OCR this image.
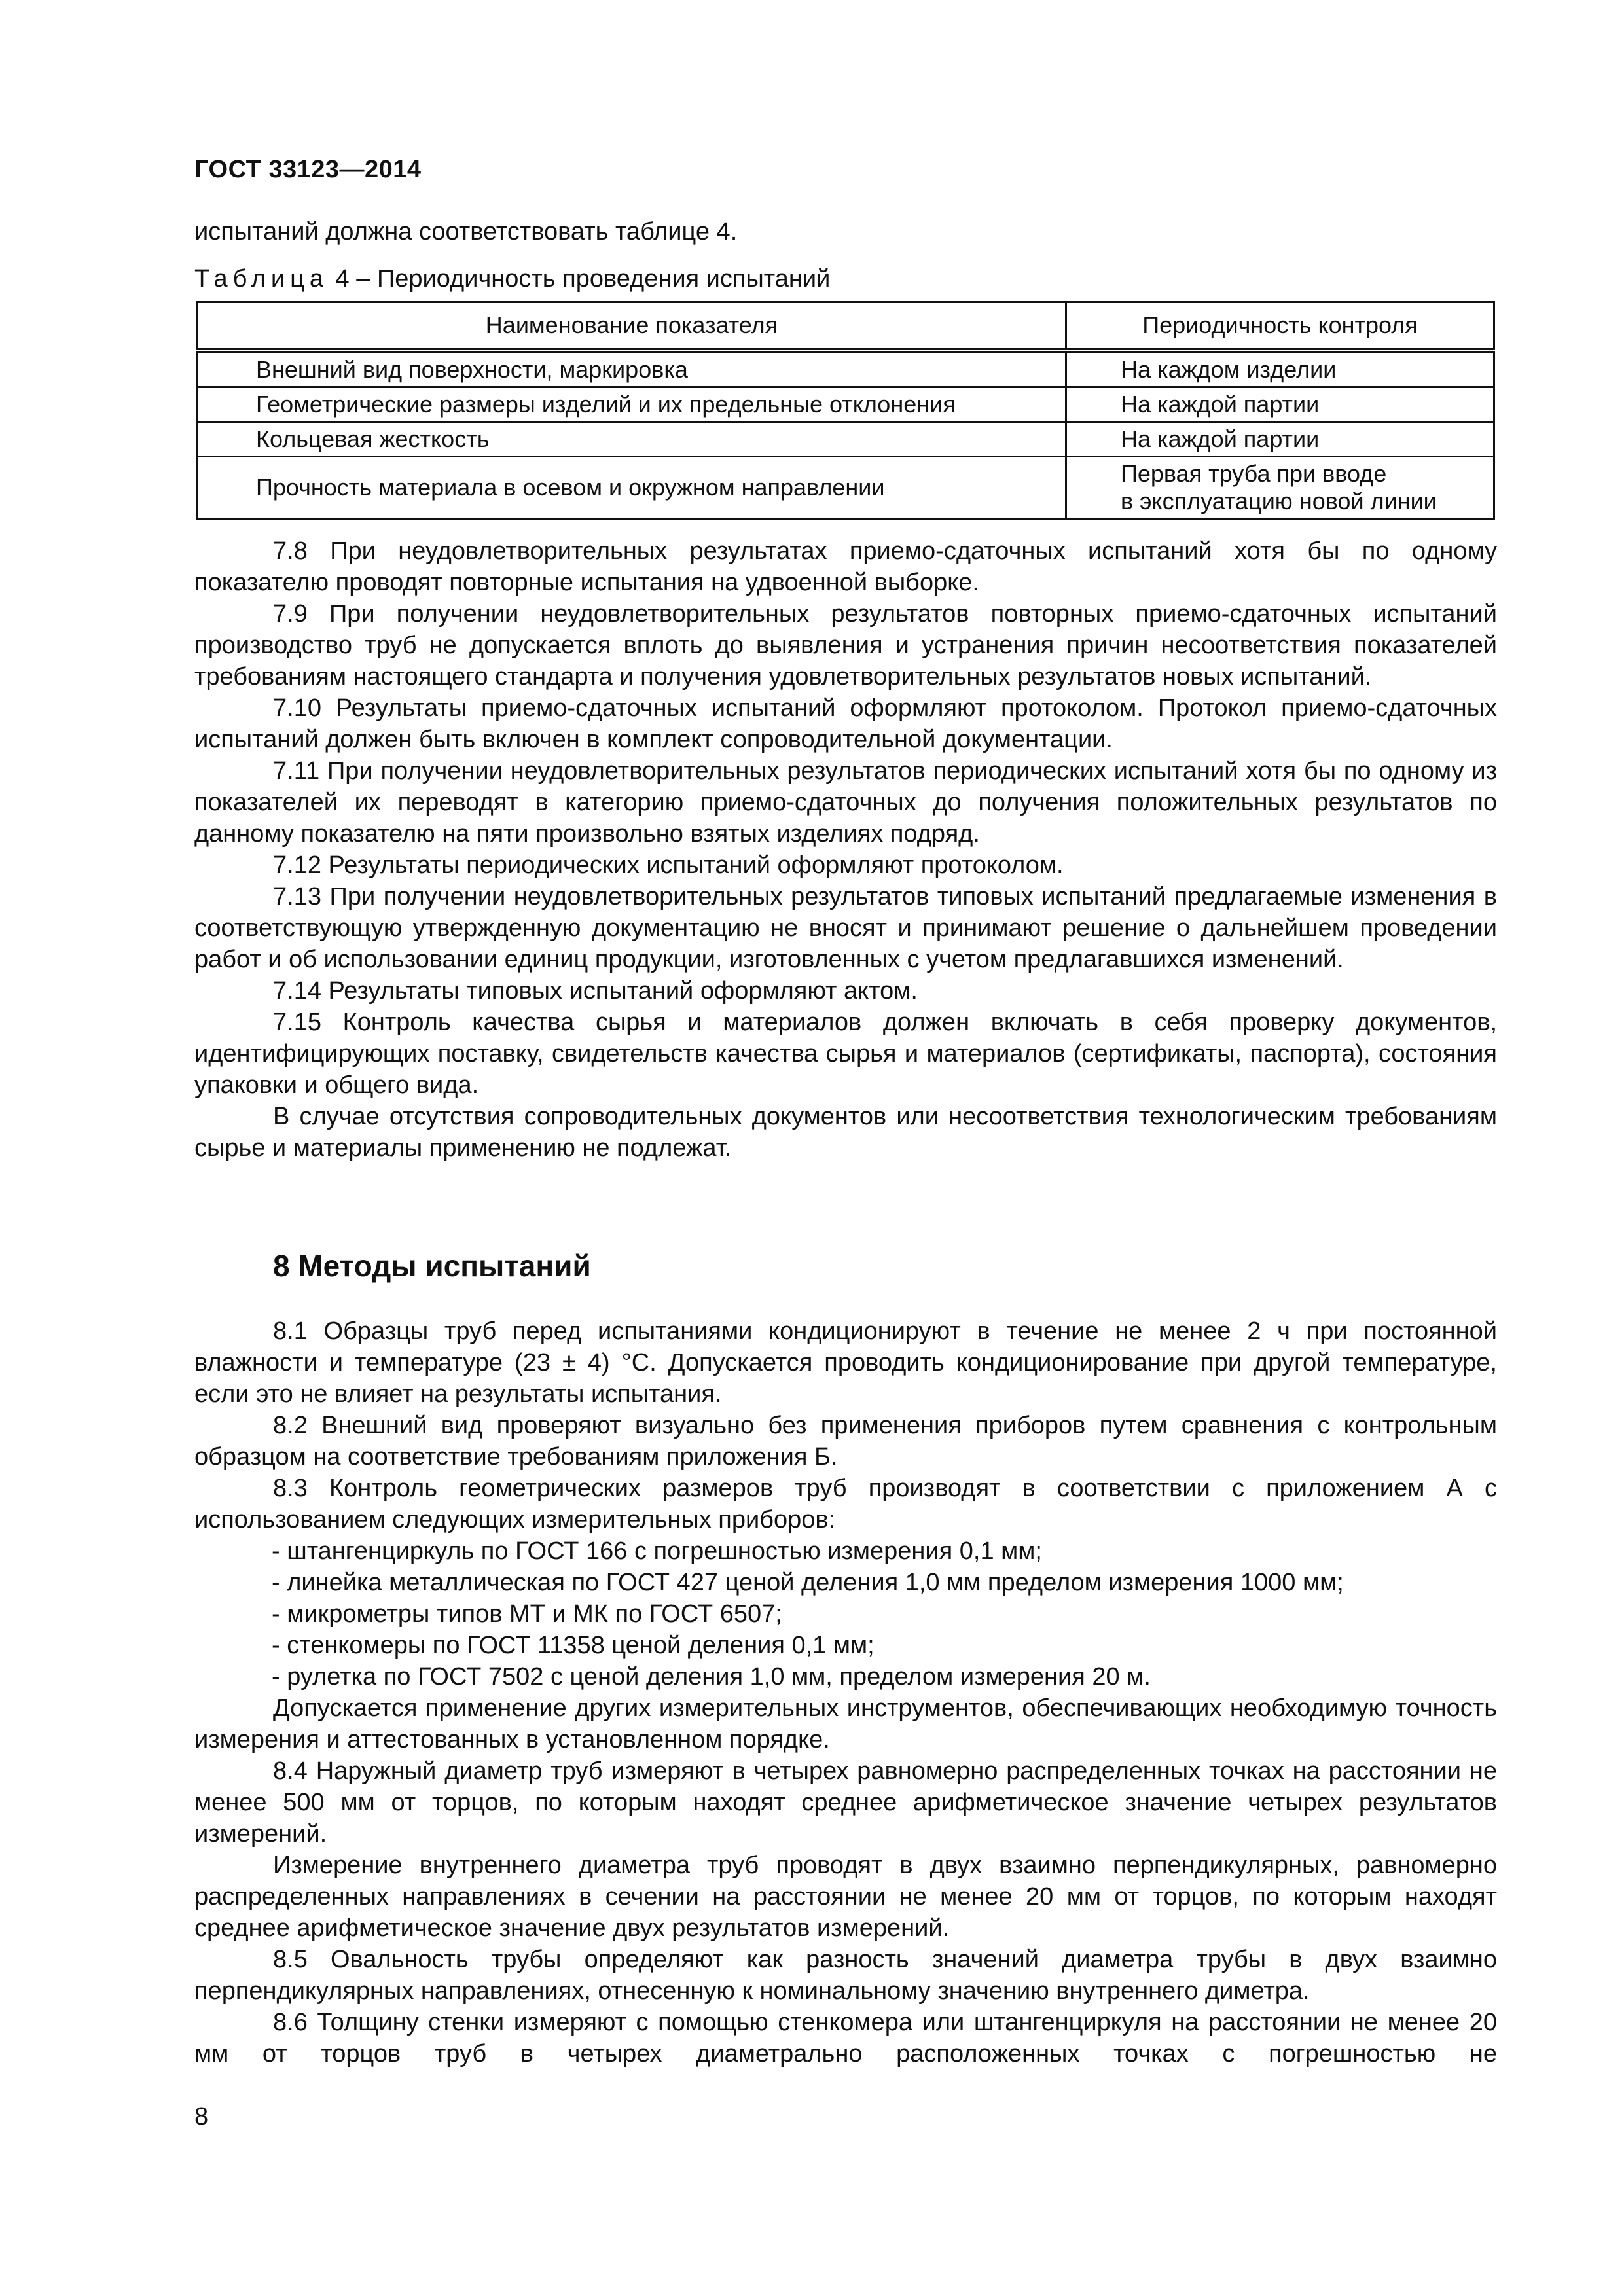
ГОСТ 33123—2014
испытаний должна соответствовать таблице 4.
Таблица 4 – Периодичность проведения испытаний
Наименование показателя	Периодичность контроля
Внешний вид поверхности, маркировка	На каждом изделии
Геометрические размеры изделий и их предельные отклонения	На каждой партии
Кольцевая жесткость	На каждой партии
Прочность материала в осевом и окружном направлении	Первая труба при вводе
в эксплуатацию новой линии

7.8 При неудовлетворительных результатах приемо-сдаточных испытаний хотя бы по одному показателю проводят повторные испытания на удвоенной выборке.

7.9 При получении неудовлетворительных результатов повторных приемо-сдаточных испытаний производство труб не допускается вплоть до выявления и устранения причин несоответствия показателей требованиям настоящего стандарта и получения удовлетворительных результатов новых испытаний.

7.10 Результаты приемо-сдаточных испытаний оформляют протоколом. Протокол приемо-сдаточных испытаний должен быть включен в комплект сопроводительной документации.

7.11 При получении неудовлетворительных результатов периодических испытаний хотя бы по одному из показателей их переводят в категорию приемо-сдаточных до получения положительных результатов по данному показателю на пяти произвольно взятых изделиях подряд.

7.12 Результаты периодических испытаний оформляют протоколом.

7.13 При получении неудовлетворительных результатов типовых испытаний предлагаемые изменения в соответствующую утвержденную документацию не вносят и принимают решение о дальнейшем проведении работ и об использовании единиц продукции, изготовленных с учетом предлагавшихся изменений.

7.14 Результаты типовых испытаний оформляют актом.

7.15 Контроль качества сырья и материалов должен включать в себя проверку документов, идентифицирующих поставку, свидетельств качества сырья и материалов (сертификаты, паспорта), состояния упаковки и общего вида.

В случае отсутствия сопроводительных документов или несоответствия технологическим требованиям сырье и материалы применению не подлежат.

8 Методы испытаний

8.1 Образцы труб перед испытаниями кондиционируют в течение не менее 2 ч при постоянной влажности и температуре (23 ± 4) °С. Допускается проводить кондиционирование при другой температуре, если это не влияет на результаты испытания.

8.2 Внешний вид проверяют визуально без применения приборов путем сравнения с контрольным образцом на соответствие требованиям приложения Б.

8.3 Контроль геометрических размеров труб производят в соответствии с приложением А с использованием следующих измерительных приборов:

- штангенциркуль по ГОСТ 166 с погрешностью измерения 0,1 мм;

- линейка металлическая по ГОСТ 427 ценой деления 1,0 мм пределом измерения 1000 мм;

- микрометры типов МТ и МК по ГОСТ 6507;

- стенкомеры по ГОСТ 11358 ценой деления 0,1 мм;

- рулетка по ГОСТ 7502 с ценой деления 1,0 мм, пределом измерения 20 м.

Допускается применение других измерительных инструментов, обеспечивающих необходимую точность измерения и аттестованных в установленном порядке.

8.4 Наружный диаметр труб измеряют в четырех равномерно распределенных точках на расстоянии не менее 500 мм от торцов, по которым находят среднее арифметическое значение четырех результатов измерений.

Измерение внутреннего диаметра труб проводят в двух взаимно перпендикулярных, равномерно распределенных направлениях в сечении на расстоянии не менее 20 мм от торцов, по которым находят среднее арифметическое значение двух результатов измерений.

8.5 Овальность трубы определяют как разность значений диаметра трубы в двух взаимно перпендикулярных направлениях, отнесенную к номинальному значению внутреннего диметра.

8.6 Толщину стенки измеряют с помощью стенкомера или штангенциркуля на расстоянии не менее 20 мм от торцов труб в четырех диаметрально расположенных точках с погрешностью не

8
